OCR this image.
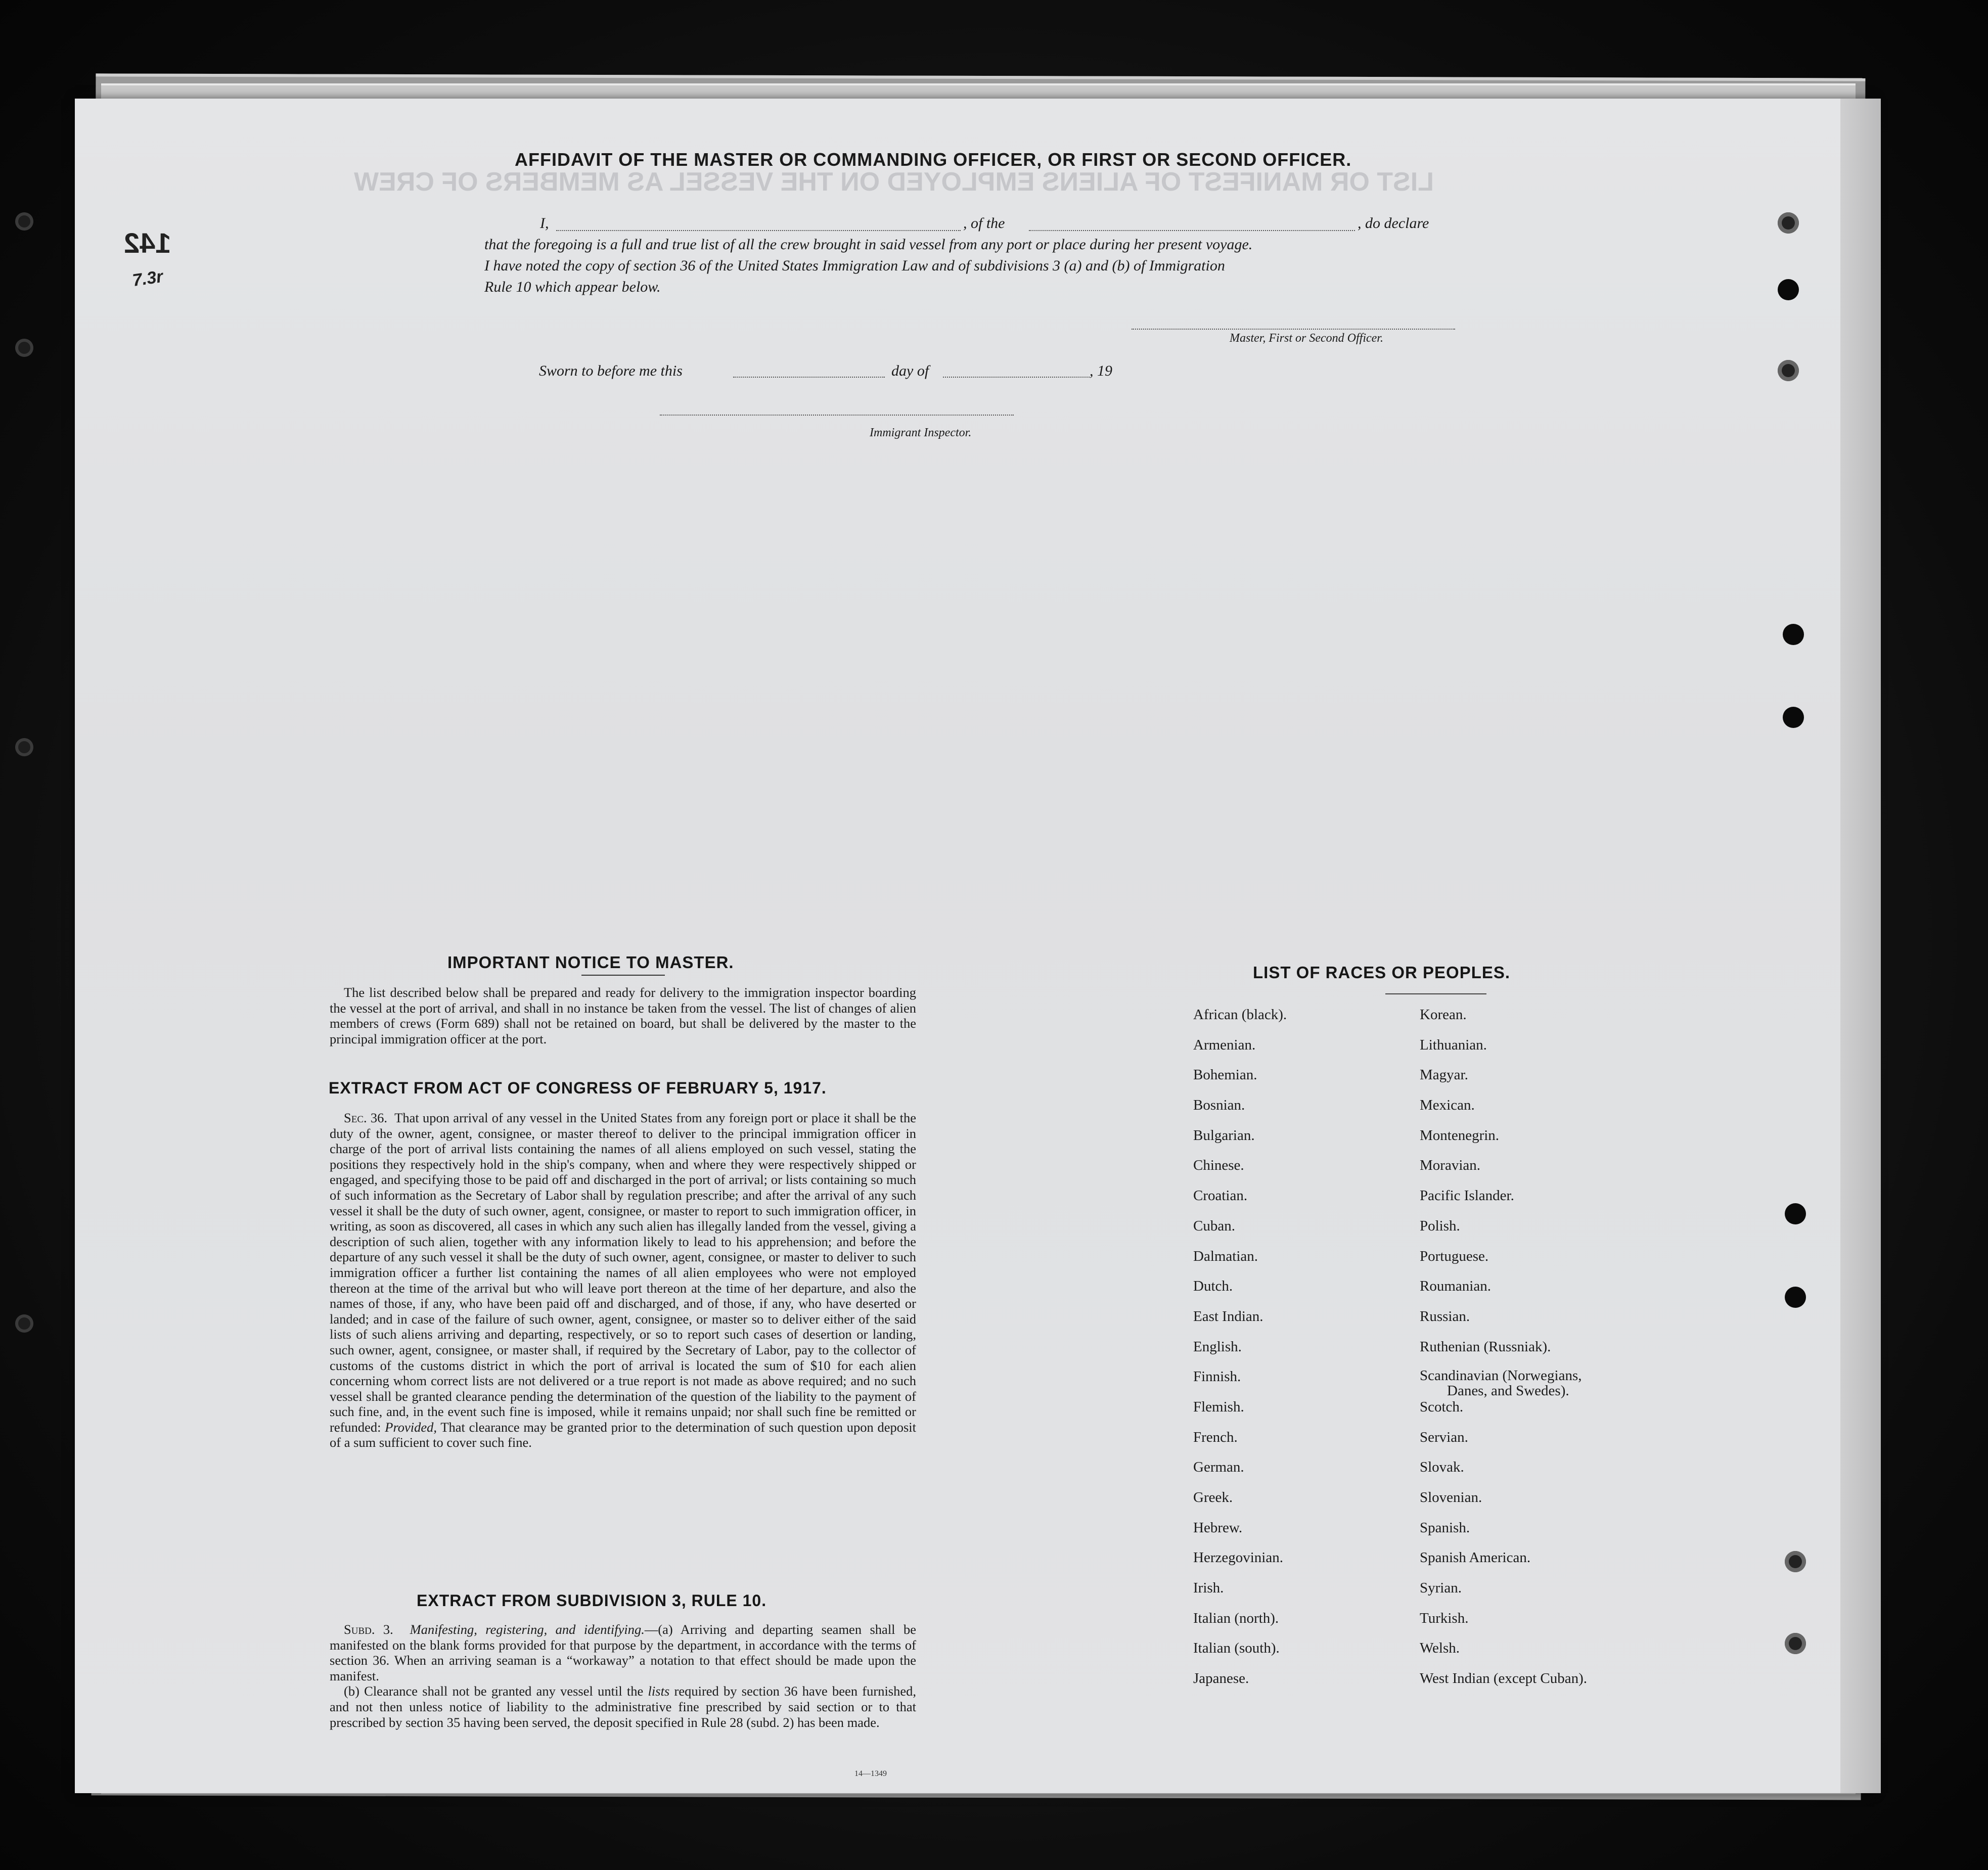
LIST OR MANIFEST OF ALIENS EMPLOYED ON THE VESSEL AS MEMBERS OF CREW
142
7.3r
AFFIDAVIT OF THE MASTER OR COMMANDING OFFICER, OR FIRST OR SECOND OFFICER.
I,	, of the	, do declare
that the foregoing is a full and true list of all the crew brought in said vessel from any port or place during her present voyage.
I have noted the copy of section 36 of the United States Immigration Law and of subdivisions 3 (a) and (b) of Immigration
Rule 10 which appear below.
Master, First or Second Officer.
Sworn to before me this	day of	, 19
Immigrant Inspector.
IMPORTANT NOTICE TO MASTER.

The list described below shall be prepared and ready for delivery to the immigration inspector boarding the vessel at the port of arrival, and shall in no instance be taken from the vessel. The list of changes of alien members of crews (Form 689) shall not be retained on board, but shall be delivered by the master to the principal immigration officer at the port.

EXTRACT FROM ACT OF CONGRESS OF FEBRUARY 5, 1917.

Sec. 36. That upon arrival of any vessel in the United States from any foreign port or place it shall be the duty of the owner, agent, consignee, or master thereof to deliver to the principal immigration officer in charge of the port of arrival lists containing the names of all aliens employed on such vessel, stating the positions they respectively hold in the ship's company, when and where they were respectively shipped or engaged, and specifying those to be paid off and discharged in the port of arrival; or lists containing so much of such information as the Secretary of Labor shall by regulation prescribe; and after the arrival of any such vessel it shall be the duty of such owner, agent, consignee, or master to report to such immigration officer, in writing, as soon as discovered, all cases in which any such alien has illegally landed from the vessel, giving a description of such alien, together with any information likely to lead to his apprehension; and before the departure of any such vessel it shall be the duty of such owner, agent, consignee, or master to deliver to such immigration officer a further list containing the names of all alien employees who were not employed thereon at the time of the arrival but who will leave port thereon at the time of her departure, and also the names of those, if any, who have been paid off and discharged, and of those, if any, who have deserted or landed; and in case of the failure of such owner, agent, consignee, or master so to deliver either of the said lists of such aliens arriving and departing, respectively, or so to report such cases of desertion or landing, such owner, agent, consignee, or master shall, if required by the Secretary of Labor, pay to the collector of customs of the customs district in which the port of arrival is located the sum of $10 for each alien concerning whom correct lists are not delivered or a true report is not made as above required; and no such vessel shall be granted clearance pending the determination of the question of the liability to the payment of such fine, and, in the event such fine is imposed, while it remains unpaid; nor shall such fine be remitted or refunded: Provided, That clearance may be granted prior to the determination of such question upon deposit of a sum sufficient to cover such fine.

EXTRACT FROM SUBDIVISION 3, RULE 10.

Subd. 3. Manifesting, registering, and identifying.—(a) Arriving and departing seamen shall be manifested on the blank forms provided for that purpose by the department, in accordance with the terms of section 36. When an arriving seaman is a “workaway” a notation to that effect should be made upon the manifest.

(b) Clearance shall not be granted any vessel until the lists required by section 36 have been furnished, and not then unless notice of liability to the administrative fine prescribed by said section or to that prescribed by section 35 having been served, the deposit specified in Rule 28 (subd. 2) has been made.

14—1349
LIST OF RACES OR PEOPLES.
African (black).
Armenian.
Bohemian.
Bosnian.
Bulgarian.
Chinese.
Croatian.
Cuban.
Dalmatian.
Dutch.
East Indian.
English.
Finnish.
Flemish.
French.
German.
Greek.
Hebrew.
Herzegovinian.
Irish.
Italian (north).
Italian (south).
Japanese.
Korean.
Lithuanian.
Magyar.
Mexican.
Montenegrin.
Moravian.
Pacific Islander.
Polish.
Portuguese.
Roumanian.
Russian.
Ruthenian (Russniak).
Scandinavian (Norwegians,
Danes, and Swedes).
Scotch.
Servian.
Slovak.
Slovenian.
Spanish.
Spanish American.
Syrian.
Turkish.
Welsh.
West Indian (except Cuban).
